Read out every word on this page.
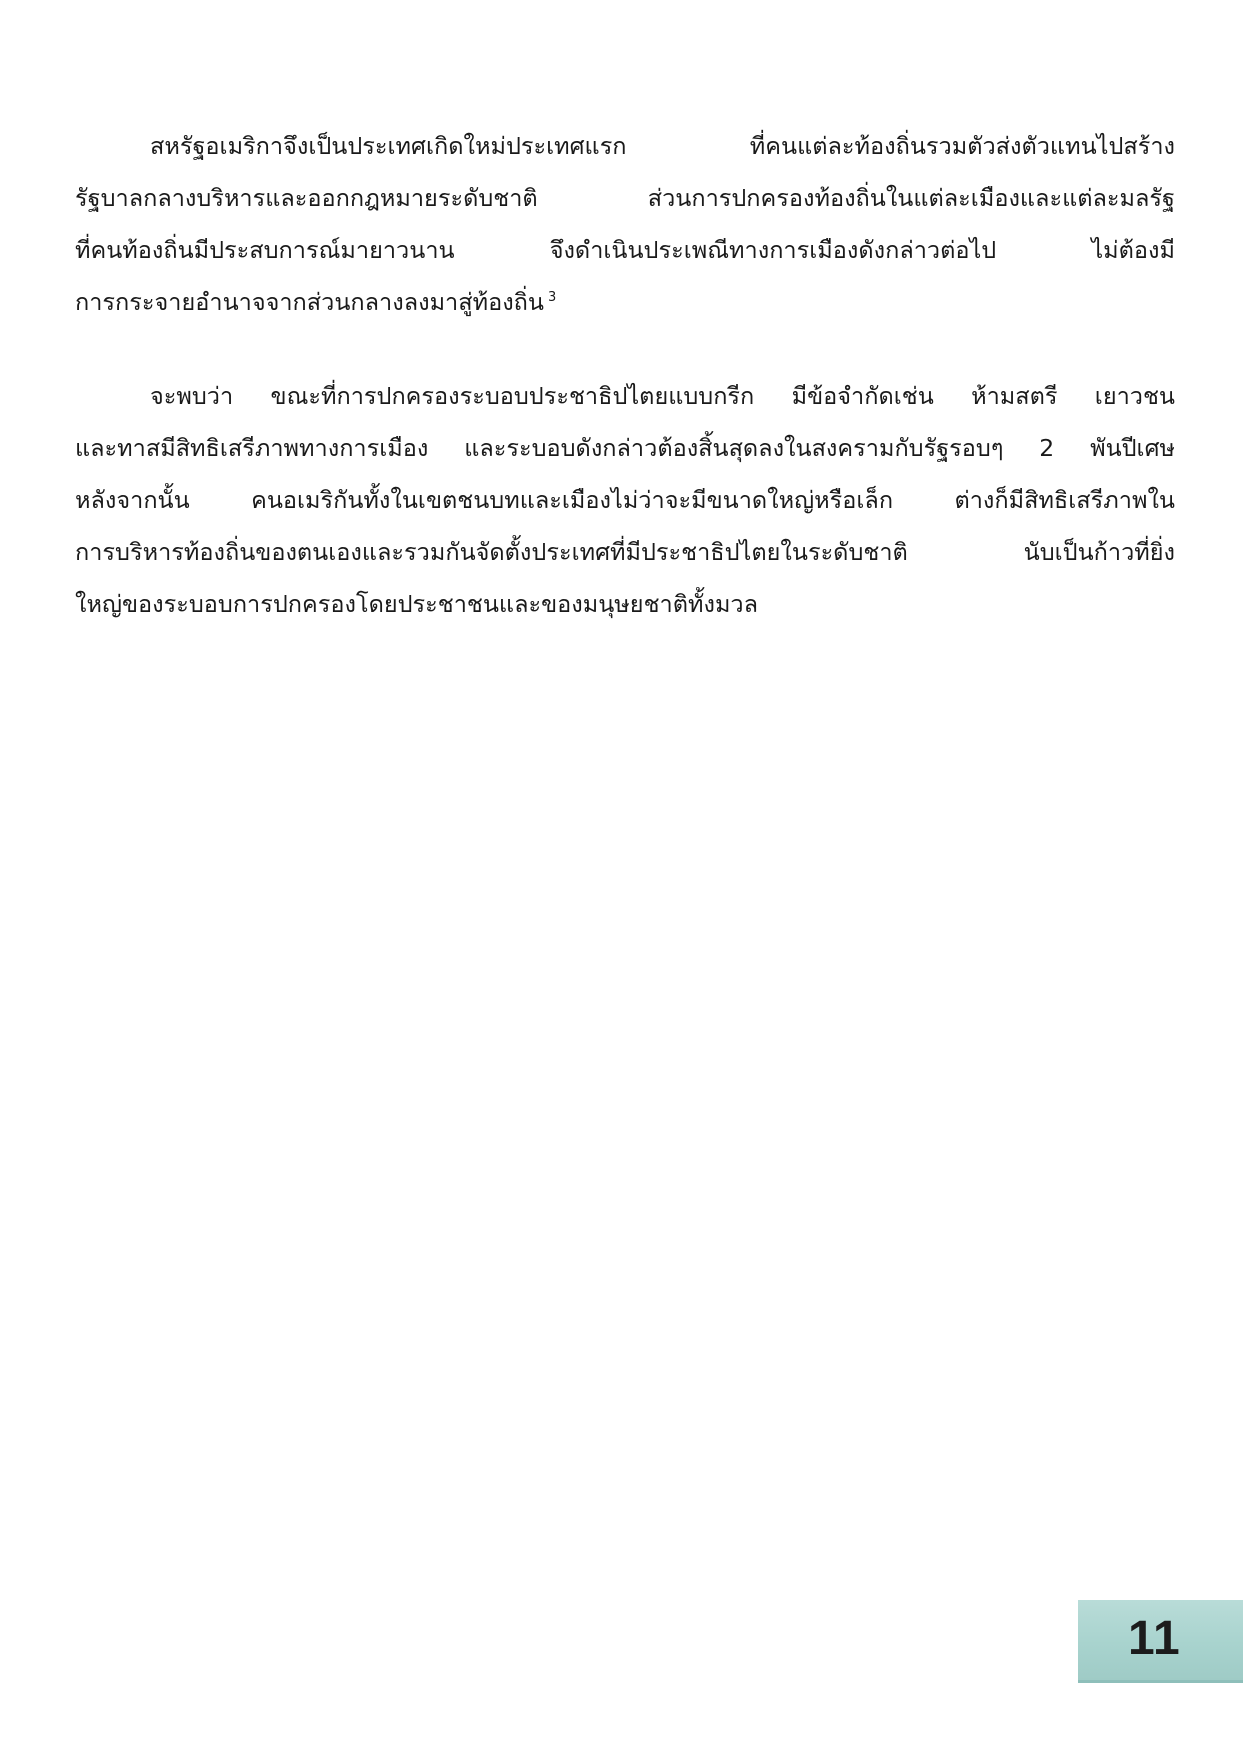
สหรัฐอเมริกาจึงเป็นประเทศเกิดใหม่ประเทศแรก ที่คนแต่ละท้องถิ่นรวมตัวส่งตัวแทนไปสร้าง
รัฐบาลกลางบริหารและออกกฎหมายระดับชาติ ส่วนการปกครองท้องถิ่นในแต่ละเมืองและแต่ละมลรัฐ
ที่คนท้องถิ่นมีประสบการณ์มายาวนาน จึงดำเนินประเพณีทางการเมืองดังกล่าวต่อไป ไม่ต้องมี
การกระจายอำนาจจากส่วนกลางลงมาสู่ท้องถิ่น $^3$
จะพบว่า ขณะที่การปกครองระบอบประชาธิปไตยแบบกรีก มีข้อจำกัดเช่น ห้ามสตรี เยาวชน
และทาสมีสิทธิเสรีภาพทางการเมือง และระบอบดังกล่าวต้องสิ้นสุดลงในสงครามกับรัฐรอบๆ 2 พันปีเศษ
หลังจากนั้น คนอเมริกันทั้งในเขตชนบทและเมืองไม่ว่าจะมีขนาดใหญ่หรือเล็ก ต่างก็มีสิทธิเสรีภาพใน
การบริหารท้องถิ่นของตนเองและรวมกันจัดตั้งประเทศที่มีประชาธิปไตยในระดับชาติ นับเป็นก้าวที่ยิ่ง
ใหญ่ของระบอบการปกครองโดยประชาชนและของมนุษยชาติทั้งมวล
11
